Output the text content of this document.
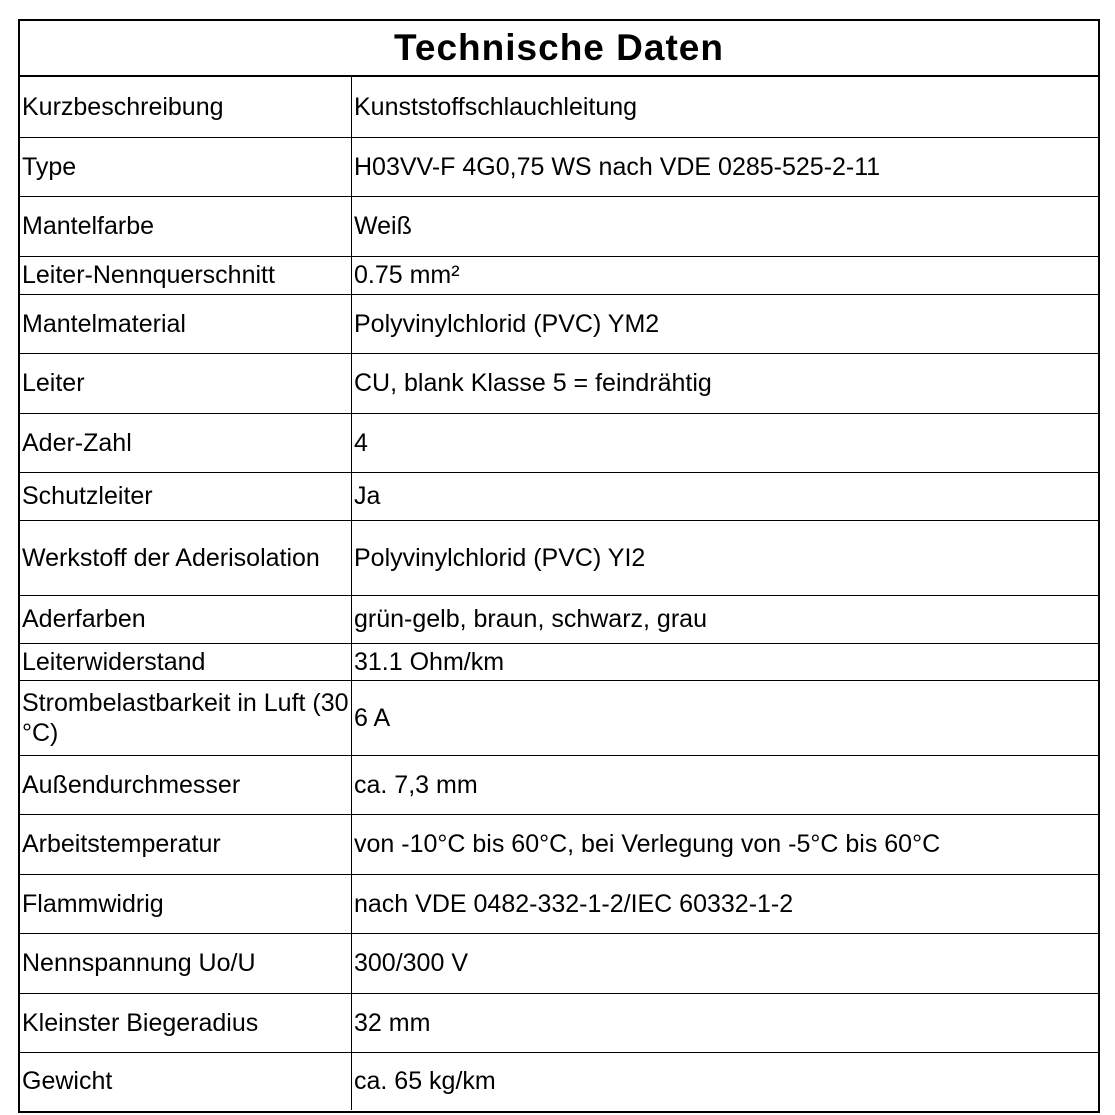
Technische Daten
Kurzbeschreibung	Kunststoffschlauchleitung
Type	H03VV-F 4G0,75 WS nach VDE 0285-525-2-11
Mantelfarbe	Weiß
Leiter-Nennquerschnitt	0.75 mm²
Mantelmaterial	Polyvinylchlorid (PVC) YM2
Leiter	CU, blank Klasse 5 = feindrähtig
Ader-Zahl	4
Schutzleiter	Ja
Werkstoff der Aderisolation	Polyvinylchlorid (PVC) YI2
Aderfarben	grün-gelb, braun, schwarz, grau
Leiterwiderstand	31.1 Ohm/km
Strombelastbarkeit in Luft (30 °C)	6 A
Außendurchmesser	ca. 7,3 mm
Arbeitstemperatur	von -10°C bis 60°C, bei Verlegung von -5°C bis 60°C
Flammwidrig	nach VDE 0482-332-1-2/IEC 60332-1-2
Nennspannung Uo/U	300/300 V
Kleinster Biegeradius	32 mm
Gewicht	ca. 65 kg/km
